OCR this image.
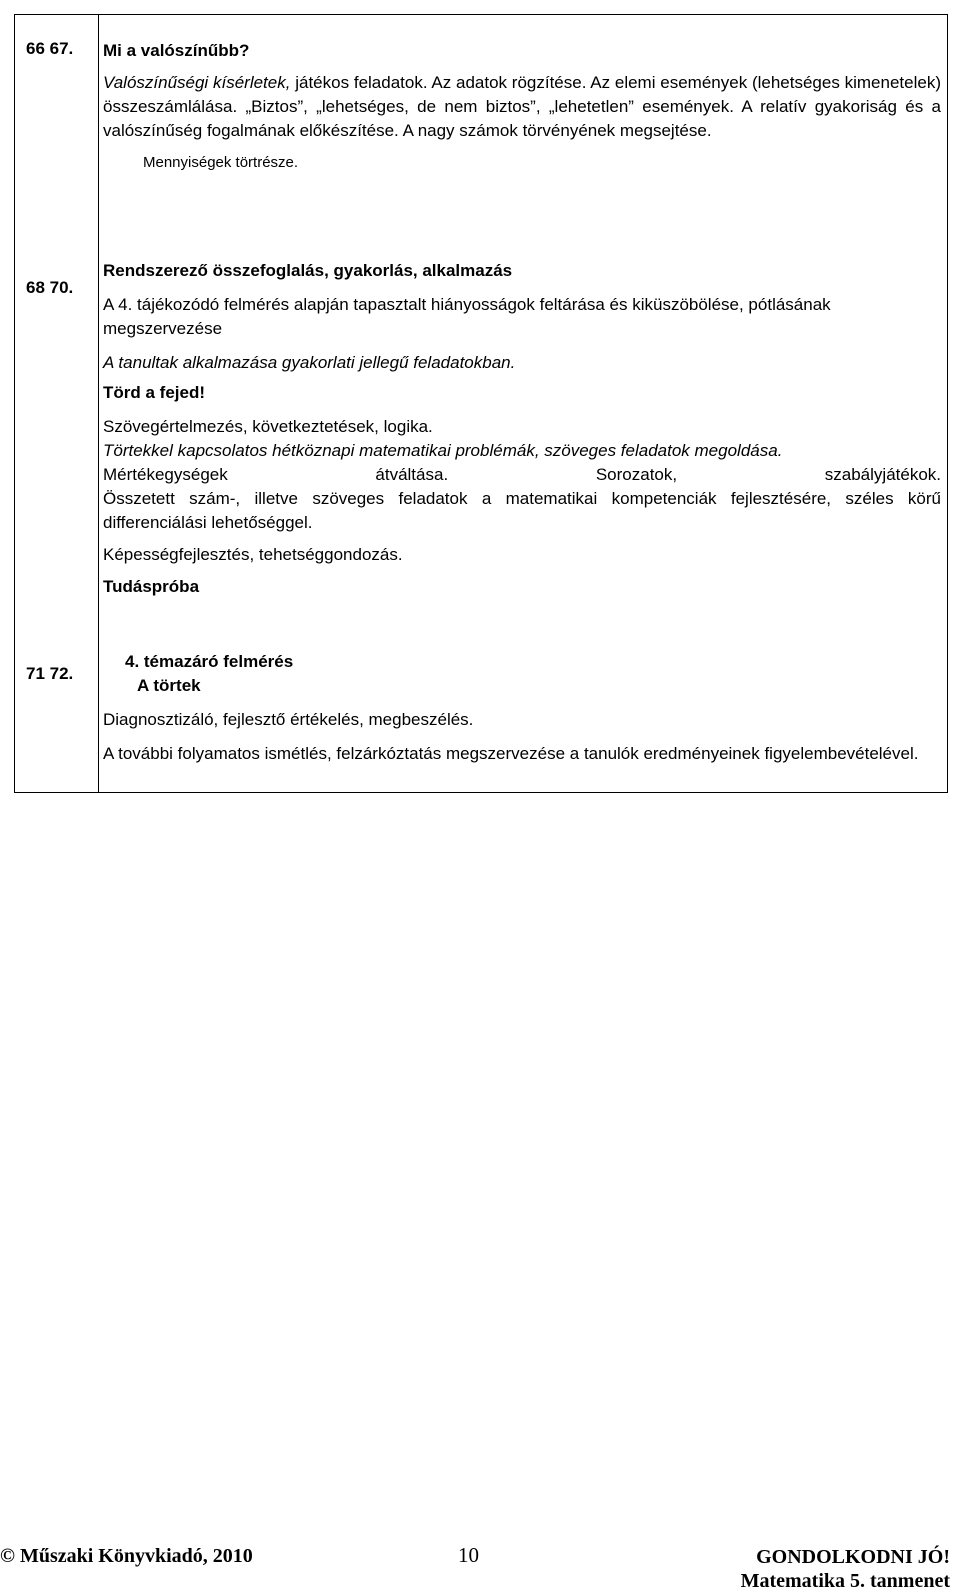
66 67. Mi a valószínűbb?
Valószínűségi kísérletek, játékos feladatok. Az adatok rögzítése. Az elemi események (lehetséges kimenetelek) összeszámlálása. „Biztos”, „lehetséges, de nem biztos”, „lehetetlen” események. A relatív gyakoriság és a valószínűség fogalmának előkészítése. A nagy számok törvényének megsejtése.
Mennyiségek törtrésze.
68 70.
Rendszerező összefoglalás, gyakorlás, alkalmazás
A 4. tájékozódó felmérés alapján tapasztalt hiányosságok feltárása és kiküszöbölése, pótlásának megszervezése
A tanultak alkalmazása gyakorlati jellegű feladatokban.
Törd a fejed!
Szövegértelmezés, következtetések, logika.
Törtekkel kapcsolatos hétköznapi matematikai problémák, szöveges feladatok megoldása.
Mértékegységek átváltása. Sorozatok, szabályjátékok.
Összetett szám-, illetve szöveges feladatok a matematikai kompetenciák fejlesztésére, széles körű differenciálási lehetőséggel.
Képességfejlesztés, tehetséggondozás.
Tudáspróba
71 72.
4. témazáró felmérés
A törtek
Diagnosztizáló, fejlesztő értékelés, megbeszélés.
A további folyamatos ismétlés, felzárkóztatás megszervezése a tanulók eredményeinek figyelembevételével.
© Műszaki Könyvkiadó, 2010	10	GONDOLKODNI JÓ!
Matematika 5. tanmenet
